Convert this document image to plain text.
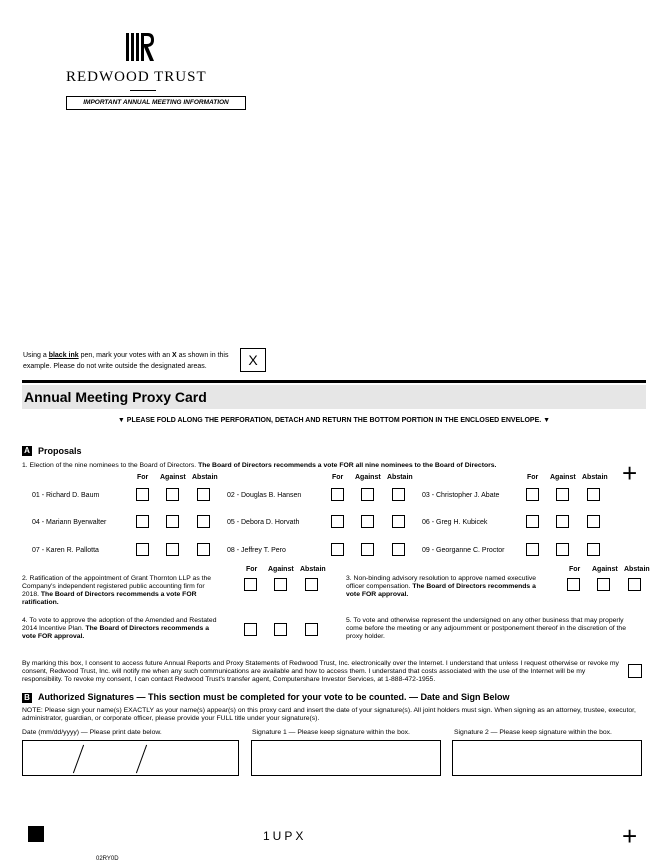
REDWOOD TRUST
IMPORTANT ANNUAL MEETING INFORMATION
Using a black ink pen, mark your votes with an X as shown in this example. Please do not write outside the designated areas.	X
Annual Meeting Proxy Card
▼ PLEASE FOLD ALONG THE PERFORATION, DETACH AND RETURN THE BOTTOM PORTION IN THE ENCLOSED ENVELOPE. ▼
A Proposals
1. Election of the nine nominees to the Board of Directors. The Board of Directors recommends a vote FOR all nine nominees to the Board of Directors.	+
For Against Abstain	For Against Abstain	For Against Abstain
01 - Richard D. Baum	02 - Douglas B. Hansen	03 - Christopher J. Abate
04 - Mariann Byerwalter	05 - Debora D. Horvath	06 - Greg H. Kubicek
07 - Karen R. Pallotta	08 - Jeffrey T. Pero	09 - Georganne C. Proctor
For Against Abstain	For Against Abstain
2. Ratification of the appointment of Grant Thornton LLP as the Company's independent registered public accounting firm for 2018. The Board of Directors recommends a vote FOR ratification.
3. Non-binding advisory resolution to approve named executive officer compensation. The Board of Directors recommends a vote FOR approval.
4. To vote to approve the adoption of the Amended and Restated 2014 Incentive Plan. The Board of Directors recommends a vote FOR approval.
5. To vote and otherwise represent the undersigned on any other business that may properly come before the meeting or any adjournment or postponement thereof in the discretion of the proxy holder.
By marking this box, I consent to access future Annual Reports and Proxy Statements of Redwood Trust, Inc. electronically over the Internet. I understand that unless I request otherwise or revoke my consent, Redwood Trust, Inc. will notify me when any such communications are available and how to access them. I understand that costs associated with the use of the Internet will be my responsibility. To revoke my consent, I can contact Redwood Trust's transfer agent, Computershare Investor Services, at 1-888-472-1955.
B Authorized Signatures — This section must be completed for your vote to be counted. — Date and Sign Below
NOTE: Please sign your name(s) EXACTLY as your name(s) appear(s) on this proxy card and insert the date of your signature(s). All joint holders must sign. When signing as an attorney, trustee, executor, administrator, guardian, or corporate officer, please provide your FULL title under your signature(s).
Date (mm/dd/yyyy) — Please print date below.	Signature 1 — Please keep signature within the box.	Signature 2 — Please keep signature within the box.
1UPX	+
02RY0D
